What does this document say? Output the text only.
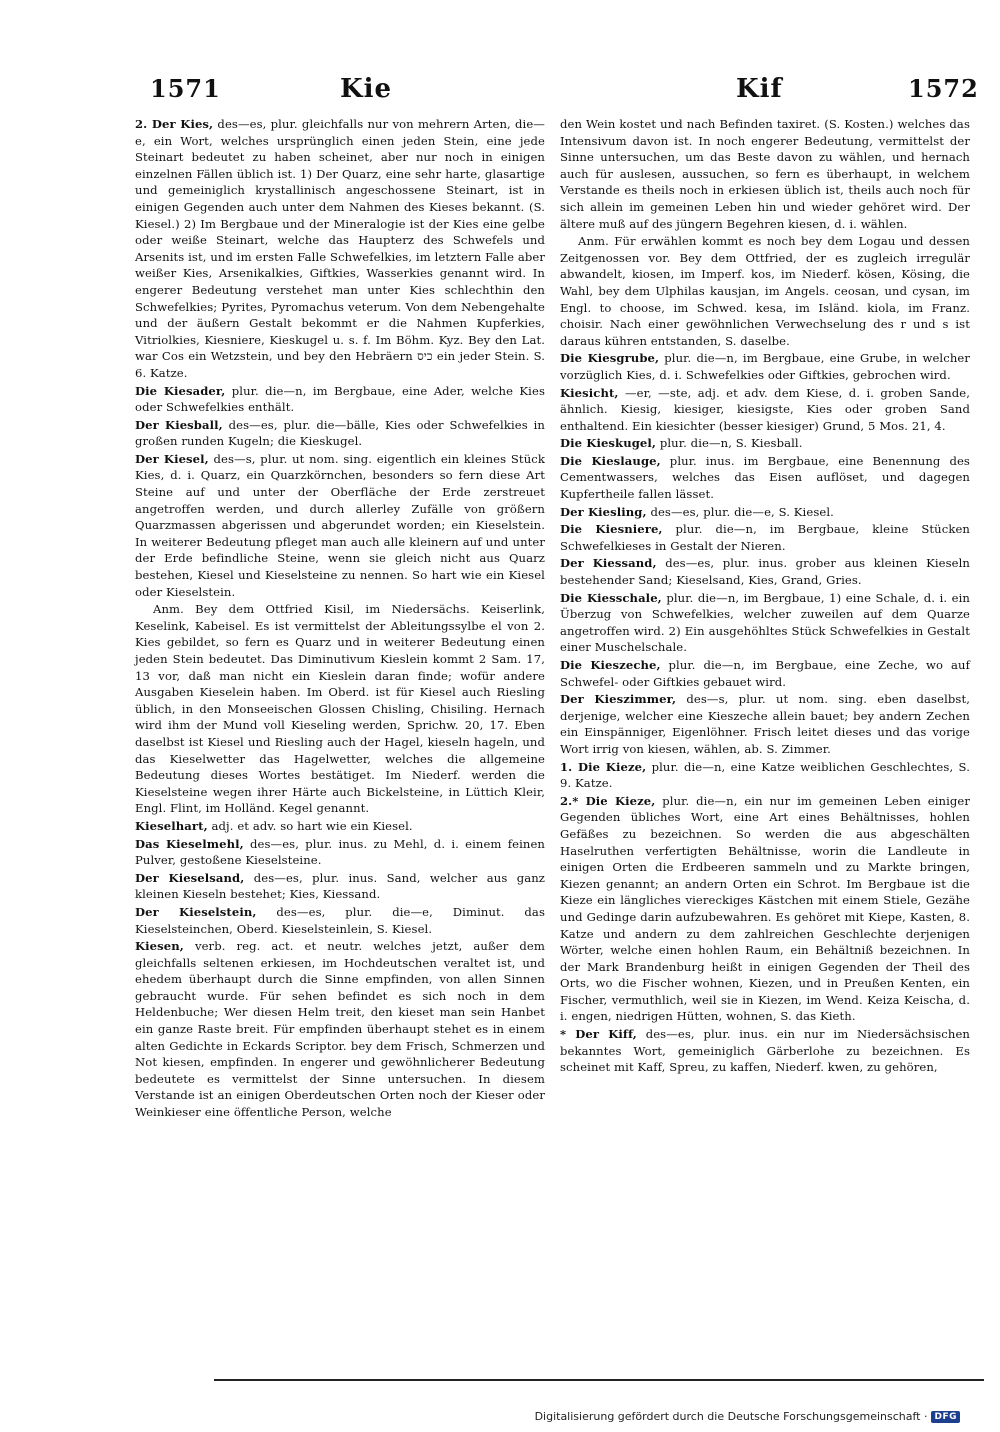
1571	Kie	Kif	1572

2. Der Kies, des—es, plur. gleichfalls nur von mehrern Arten, die—e, ein Wort, welches ursprünglich einen jeden Stein, eine jede Steinart bedeutet zu haben scheinet, aber nur noch in einigen einzelnen Fällen üblich ist. 1) Der Quarz, eine sehr harte, glasartige und gemeiniglich krystallinisch angeschossene Steinart, ist in einigen Gegenden auch unter dem Nahmen des Kieses bekannt. (S. Kiesel.) 2) Im Bergbaue und der Mineralogie ist der Kies eine gelbe oder weiße Steinart, welche das Haupterz des Schwefels und Arsenits ist, und im ersten Falle Schwefelkies, im letztern Falle aber weißer Kies, Arsenikalkies, Giftkies, Wasserkies genannt wird. In engerer Bedeutung verstehet man unter Kies schlechthin den Schwefelkies; Pyrites, Pyromachus veterum. Von dem Nebengehalte und der äußern Gestalt bekommt er die Nahmen Kupferkies, Vitriolkies, Kiesniere, Kieskugel u. s. f. Im Böhm. Kyz. Bey den Lat. war Cos ein Wetzstein, und bey den Hebräern כיס ein jeder Stein. S. 6. Katze.

Die Kiesader, plur. die—n, im Bergbaue, eine Ader, welche Kies oder Schwefelkies enthält.

Der Kiesball, des—es, plur. die—bälle, Kies oder Schwefelkies in großen runden Kugeln; die Kieskugel.

Der Kiesel, des—s, plur. ut nom. sing. eigentlich ein kleines Stück Kies, d. i. Quarz, ein Quarzkörnchen, besonders so fern diese Art Steine auf und unter der Oberfläche der Erde zerstreuet angetroffen werden, und durch allerley Zufälle von größern Quarzmassen abgerissen und abgerundet worden; ein Kieselstein. In weiterer Bedeutung pfleget man auch alle kleinern auf und unter der Erde befindliche Steine, wenn sie gleich nicht aus Quarz bestehen, Kiesel und Kieselsteine zu nennen. So hart wie ein Kiesel oder Kieselstein.

Anm. Bey dem Ottfried Kisil, im Niedersächs. Keiserlink, Keselink, Kabeisel. Es ist vermittelst der Ableitungssylbe el von 2. Kies gebildet, so fern es Quarz und in weiterer Bedeutung einen jeden Stein bedeutet. Das Diminutivum Kieslein kommt 2 Sam. 17, 13 vor, daß man nicht ein Kieslein daran finde; wofür andere Ausgaben Kieselein haben. Im Oberd. ist für Kiesel auch Riesling üblich, in den Monseeischen Glossen Chisling, Chisiling. Hernach wird ihm der Mund voll Kieseling werden, Sprichw. 20, 17. Eben daselbst ist Kiesel und Riesling auch der Hagel, kieseln hageln, und das Kieselwetter das Hagelwetter, welches die allgemeine Bedeutung dieses Wortes bestätiget. Im Niederf. werden die Kieselsteine wegen ihrer Härte auch Bickelsteine, in Lüttich Kleir, Engl. Flint, im Holländ. Kegel genannt.

Kieselhart, adj. et adv. so hart wie ein Kiesel.

Das Kieselmehl, des—es, plur. inus. zu Mehl, d. i. einem feinen Pulver, gestoßene Kieselsteine.

Der Kieselsand, des—es, plur. inus. Sand, welcher aus ganz kleinen Kieseln bestehet; Kies, Kiessand.

Der Kieselstein, des—es, plur. die—e, Diminut. das Kieselsteinchen, Oberd. Kieselsteinlein, S. Kiesel.

Kiesen, verb. reg. act. et neutr. welches jetzt, außer dem gleichfalls seltenen erkiesen, im Hochdeutschen veraltet ist, und ehedem überhaupt durch die Sinne empfinden, von allen Sinnen gebraucht wurde. Für sehen befindet es sich noch in dem Heldenbuche; Wer diesen Helm treit, den kieset man sein Hanbet ein ganze Raste breit. Für empfinden überhaupt stehet es in einem alten Gedichte in Eckards Scriptor. bey dem Frisch, Schmerzen und Not kiesen, empfinden. In engerer und gewöhnlicherer Bedeutung bedeutete es vermittelst der Sinne untersuchen. In diesem Verstande ist an einigen Oberdeutschen Orten noch der Kieser oder Weinkieser eine öffentliche Person, welche

den Wein kostet und nach Befinden taxiret. (S. Kosten.) welches das Intensivum davon ist. In noch engerer Bedeutung, vermittelst der Sinne untersuchen, um das Beste davon zu wählen, und hernach auch für auslesen, aussuchen, so fern es überhaupt, in welchem Verstande es theils noch in erkiesen üblich ist, theils auch noch für sich allein im gemeinen Leben hin und wieder gehöret wird. Der ältere muß auf des jüngern Begehren kiesen, d. i. wählen.

Anm. Für erwählen kommt es noch bey dem Logau und dessen Zeitgenossen vor. Bey dem Ottfried, der es zugleich irregulär abwandelt, kiosen, im Imperf. kos, im Niederf. kösen, Kösing, die Wahl, bey dem Ulphilas kausjan, im Angels. ceosan, und cysan, im Engl. to choose, im Schwed. kesa, im Isländ. kiola, im Franz. choisir. Nach einer gewöhnlichen Verwechselung des r und s ist daraus kühren entstanden, S. daselbe.

Die Kiesgrube, plur. die—n, im Bergbaue, eine Grube, in welcher vorzüglich Kies, d. i. Schwefelkies oder Giftkies, gebrochen wird.

Kiesicht, —er, —ste, adj. et adv. dem Kiese, d. i. groben Sande, ähnlich. Kiesig, kiesiger, kiesigste, Kies oder groben Sand enthaltend. Ein kiesichter (besser kiesiger) Grund, 5 Mos. 21, 4.

Die Kieskugel, plur. die—n, S. Kiesball.

Die Kieslauge, plur. inus. im Bergbaue, eine Benennung des Cementwassers, welches das Eisen auflöset, und dagegen Kupfertheile fallen lässet.

Der Kiesling, des—es, plur. die—e, S. Kiesel.

Die Kiesniere, plur. die—n, im Bergbaue, kleine Stücken Schwefelkieses in Gestalt der Nieren.

Der Kiessand, des—es, plur. inus. grober aus kleinen Kieseln bestehender Sand; Kieselsand, Kies, Grand, Gries.

Die Kiesschale, plur. die—n, im Bergbaue, 1) eine Schale, d. i. ein Überzug von Schwefelkies, welcher zuweilen auf dem Quarze angetroffen wird. 2) Ein ausgehöhltes Stück Schwefelkies in Gestalt einer Muschelschale.

Die Kieszeche, plur. die—n, im Bergbaue, eine Zeche, wo auf Schwefel- oder Giftkies gebauet wird.

Der Kieszimmer, des—s, plur. ut nom. sing. eben daselbst, derjenige, welcher eine Kieszeche allein bauet; bey andern Zechen ein Einspänniger, Eigenlöhner. Frisch leitet dieses und das vorige Wort irrig von kiesen, wählen, ab. S. Zimmer.

1. Die Kieze, plur. die—n, eine Katze weiblichen Geschlechtes, S. 9. Katze.

2.* Die Kieze, plur. die—n, ein nur im gemeinen Leben einiger Gegenden übliches Wort, eine Art eines Behältnisses, hohlen Gefäßes zu bezeichnen. So werden die aus abgeschälten Haselruthen verfertigten Behältnisse, worin die Landleute in einigen Orten die Erdbeeren sammeln und zu Markte bringen, Kiezen genannt; an andern Orten ein Schrot. Im Bergbaue ist die Kieze ein längliches viereckiges Kästchen mit einem Stiele, Gezähe und Gedinge darin aufzubewahren. Es gehöret mit Kiepe, Kasten, 8. Katze und andern zu dem zahlreichen Geschlechte derjenigen Wörter, welche einen hohlen Raum, ein Behältniß bezeichnen. In der Mark Brandenburg heißt in einigen Gegenden der Theil des Orts, wo die Fischer wohnen, Kiezen, und in Preußen Kenten, ein Fischer, vermuthlich, weil sie in Kiezen, im Wend. Keiza Keischa, d. i. engen, niedrigen Hütten, wohnen, S. das Kieth.

* Der Kiff, des—es, plur. inus. ein nur im Niedersächsischen bekanntes Wort, gemeiniglich Gärberlohe zu bezeichnen. Es scheinet mit Kaff, Spreu, zu kaffen, Niederf. kwen, zu gehören,

Digitalisierung gefördert durch die Deutsche Forschungsgemeinschaft · DFG
